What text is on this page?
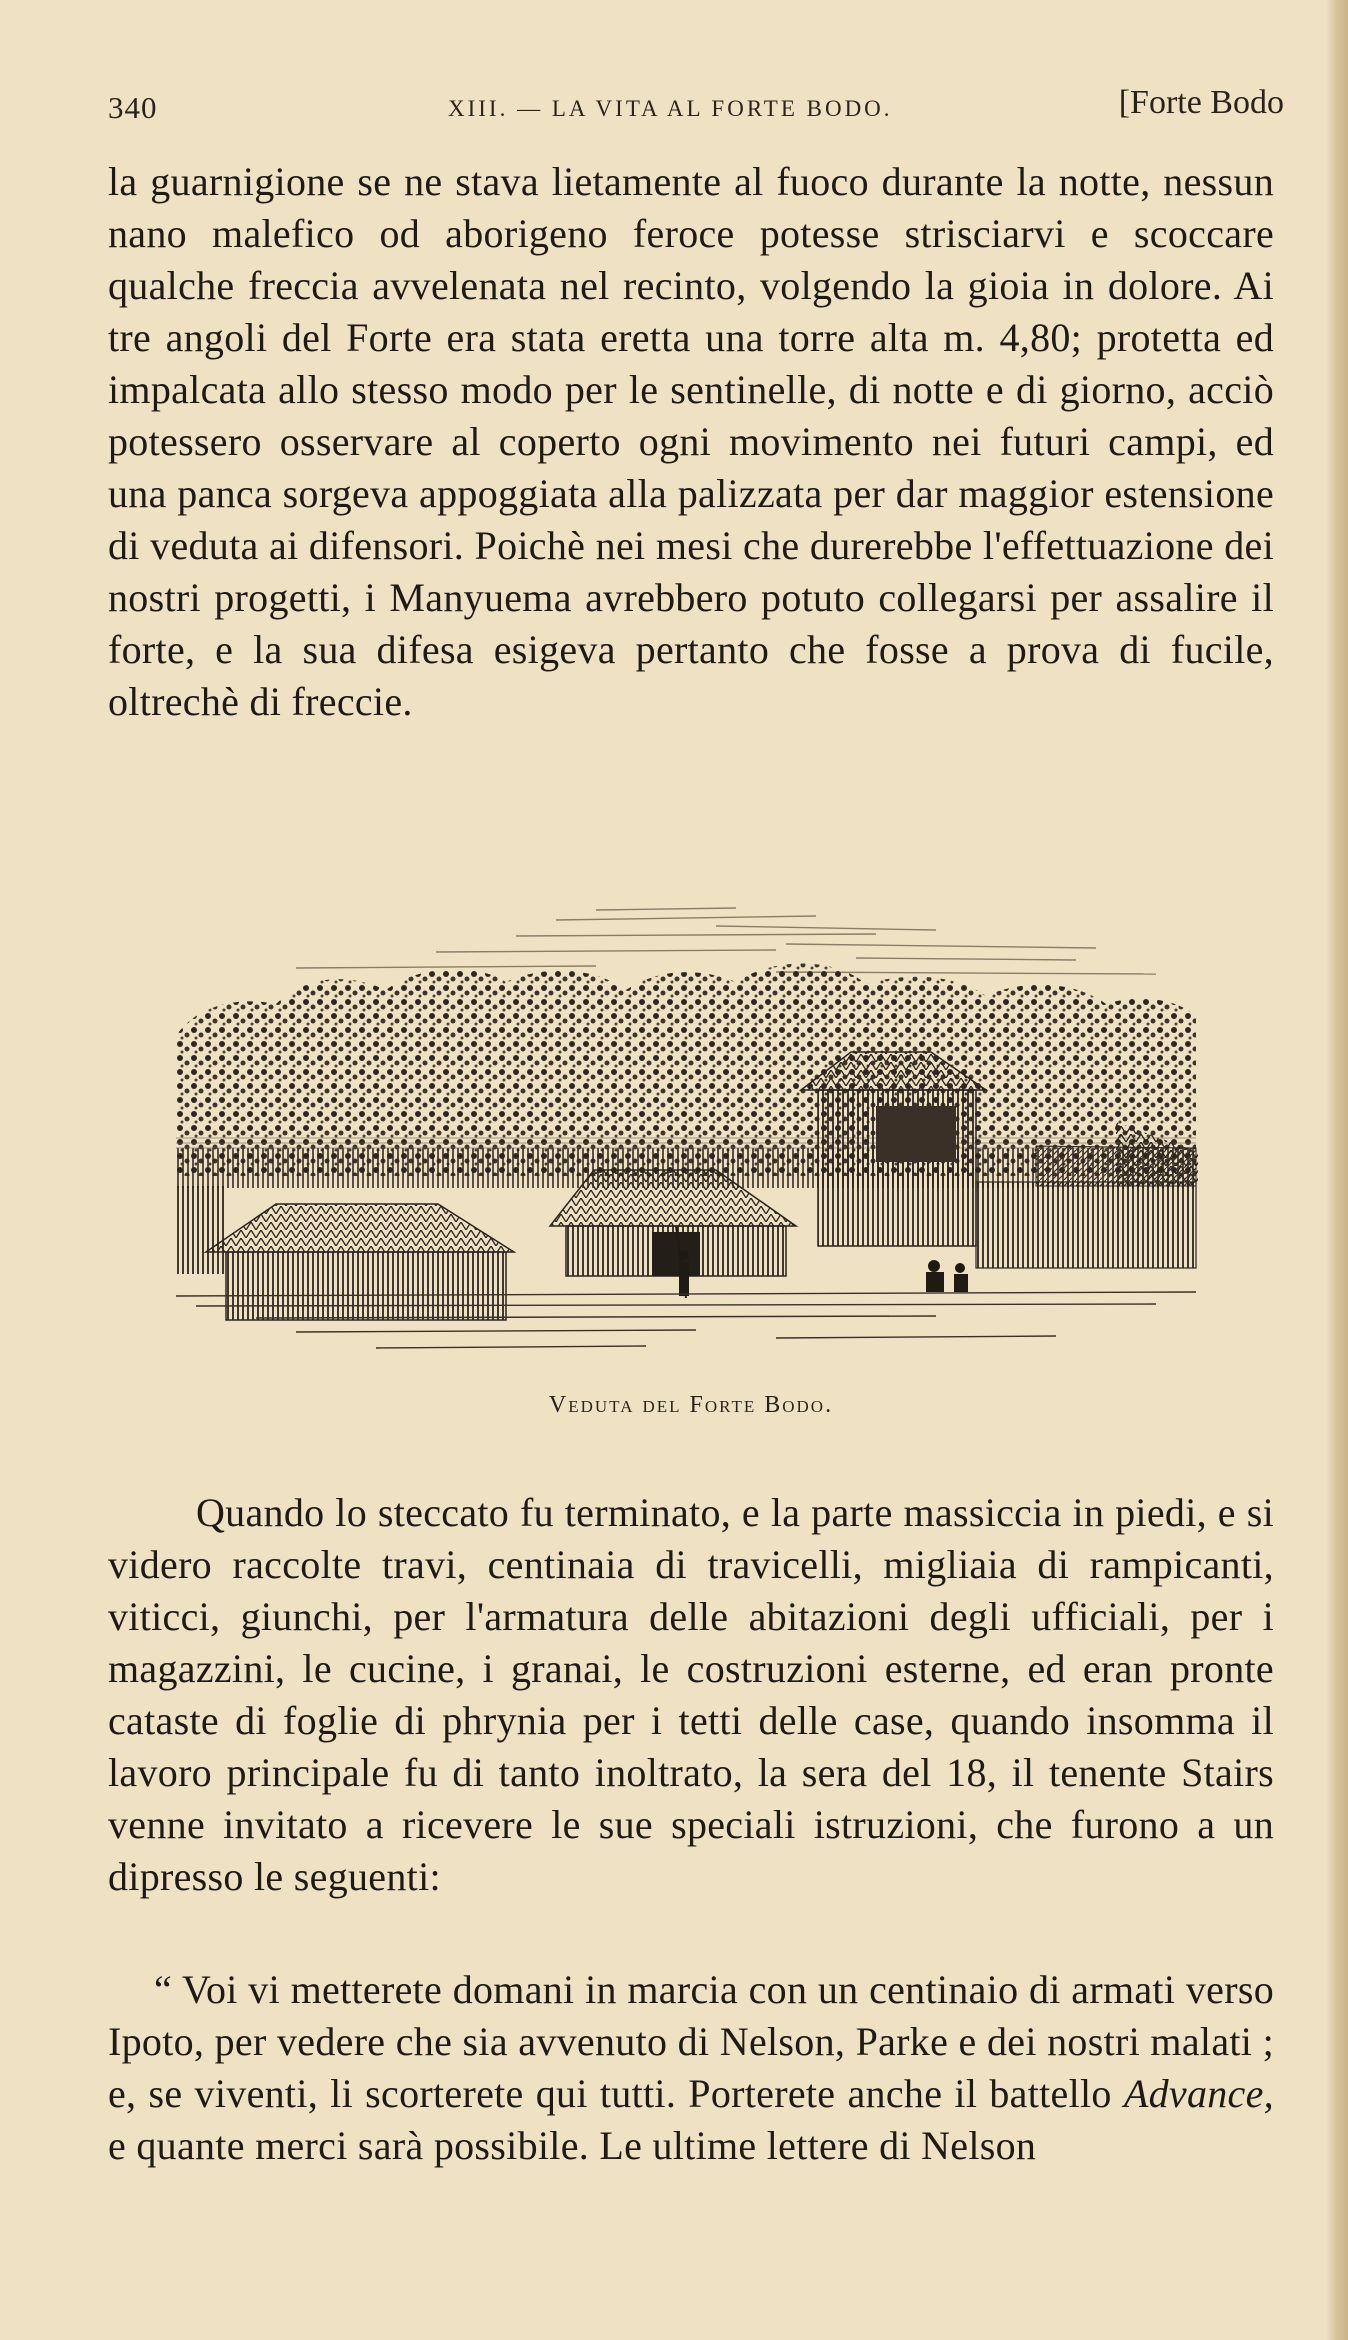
340	XIII. — LA VITA AL FORTE BODO.	[Forte Bodo

la guarnigione se ne stava lietamente al fuoco durante la notte, nessun nano malefico od aborigeno feroce potesse strisciarvi e scoccare qualche freccia avvelenata nel recinto, volgendo la gioia in dolore. Ai tre angoli del Forte era stata eretta una torre alta m. 4,80; protetta ed impalcata allo stesso modo per le sentinelle, di notte e di giorno, acciò potessero osservare al coperto ogni movimento nei futuri campi, ed una panca sorgeva appoggiata alla palizzata per dar maggior estensione di veduta ai difensori. Poichè nei mesi che durerebbe l'effettuazione dei nostri progetti, i Manyuema avrebbero potuto collegarsi per assalire il forte, e la sua difesa esigeva pertanto che fosse a prova di fucile, oltrechè di freccie.

Veduta del Forte Bodo.

Quando lo steccato fu terminato, e la parte massiccia in piedi, e si videro raccolte travi, centinaia di travicelli, migliaia di rampicanti, viticci, giunchi, per l'armatura delle abitazioni degli ufficiali, per i magazzini, le cucine, i granai, le costruzioni esterne, ed eran pronte cataste di foglie di phrynia per i tetti delle case, quando insomma il lavoro principale fu di tanto inoltrato, la sera del 18, il tenente Stairs venne invitato a ricevere le sue speciali istruzioni, che furono a un dipresso le seguenti:

“ Voi vi metterete domani in marcia con un centinaio di armati verso Ipoto, per vedere che sia avvenuto di Nelson, Parke e dei nostri malati ; e, se viventi, li scorterete qui tutti. Porterete anche il battello Advance, e quante merci sarà possibile. Le ultime lettere di Nelson
